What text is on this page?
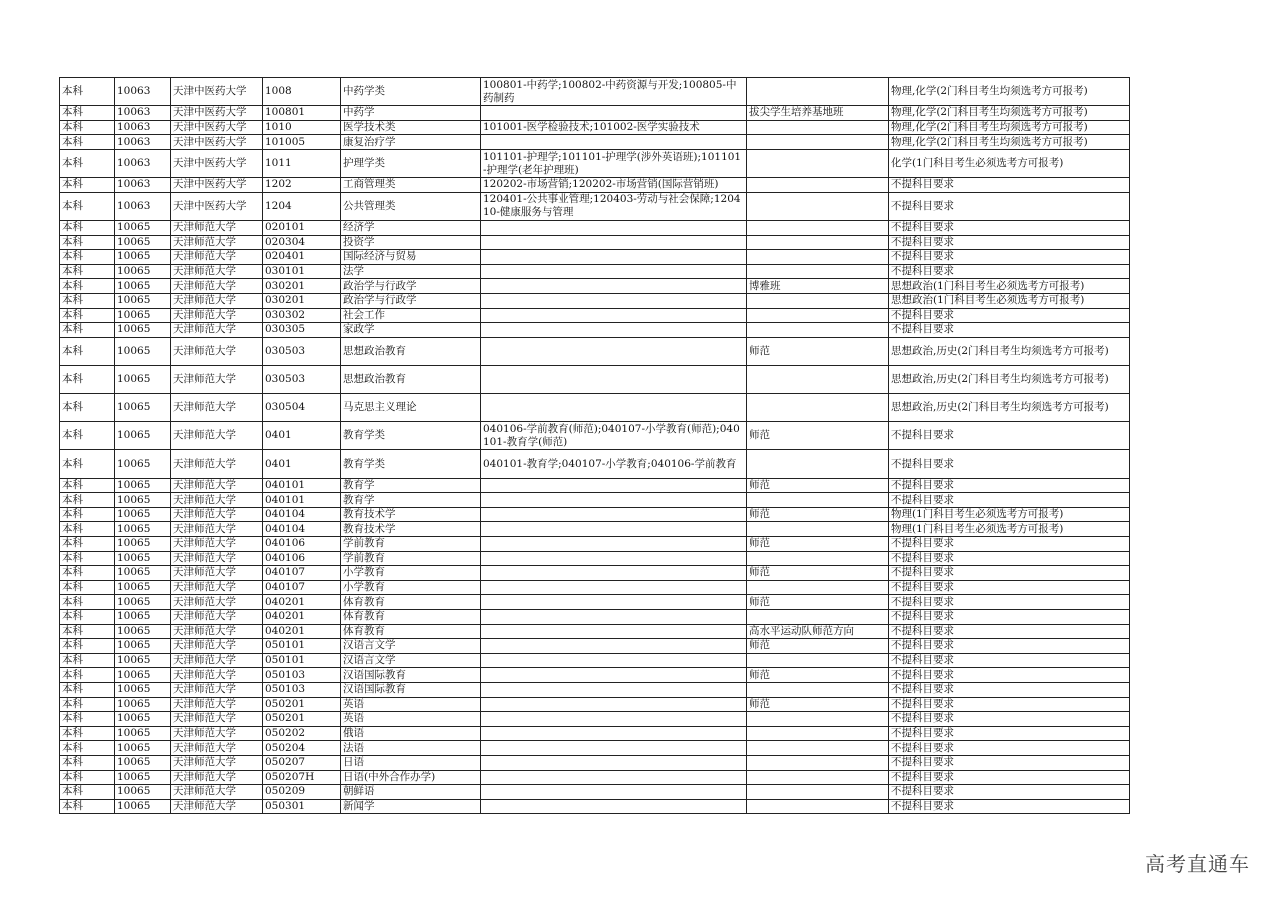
本科	10063	天津中医药大学	1008	中药学类	100801-中药学;100802-中药资源与开发;100805-中药制药		物理,化学(2门科目考生均须选考方可报考)
本科	10063	天津中医药大学	100801	中药学		拔尖学生培养基地班	物理,化学(2门科目考生均须选考方可报考)
本科	10063	天津中医药大学	1010	医学技术类	101001-医学检验技术;101002-医学实验技术		物理,化学(2门科目考生均须选考方可报考)
本科	10063	天津中医药大学	101005	康复治疗学			物理,化学(2门科目考生均须选考方可报考)
本科	10063	天津中医药大学	1011	护理学类	101101-护理学;101101-护理学(涉外英语班);101101-护理学(老年护理班)		化学(1门科目考生必须选考方可报考)
本科	10063	天津中医药大学	1202	工商管理类	120202-市场营销;120202-市场营销(国际营销班)		不提科目要求
本科	10063	天津中医药大学	1204	公共管理类	120401-公共事业管理;120403-劳动与社会保障;120410-健康服务与管理		不提科目要求
本科	10065	天津师范大学	020101	经济学			不提科目要求
本科	10065	天津师范大学	020304	投资学			不提科目要求
本科	10065	天津师范大学	020401	国际经济与贸易			不提科目要求
本科	10065	天津师范大学	030101	法学			不提科目要求
本科	10065	天津师范大学	030201	政治学与行政学		博雅班	思想政治(1门科目考生必须选考方可报考)
本科	10065	天津师范大学	030201	政治学与行政学			思想政治(1门科目考生必须选考方可报考)
本科	10065	天津师范大学	030302	社会工作			不提科目要求
本科	10065	天津师范大学	030305	家政学			不提科目要求
本科	10065	天津师范大学	030503	思想政治教育		师范	思想政治,历史(2门科目考生均须选考方可报考)
本科	10065	天津师范大学	030503	思想政治教育			思想政治,历史(2门科目考生均须选考方可报考)
本科	10065	天津师范大学	030504	马克思主义理论			思想政治,历史(2门科目考生均须选考方可报考)
本科	10065	天津师范大学	0401	教育学类	040106-学前教育(师范);040107-小学教育(师范);040101-教育学(师范)	师范	不提科目要求
本科	10065	天津师范大学	0401	教育学类	040101-教育学;040107-小学教育;040106-学前教育		不提科目要求
本科	10065	天津师范大学	040101	教育学		师范	不提科目要求
本科	10065	天津师范大学	040101	教育学			不提科目要求
本科	10065	天津师范大学	040104	教育技术学		师范	物理(1门科目考生必须选考方可报考)
本科	10065	天津师范大学	040104	教育技术学			物理(1门科目考生必须选考方可报考)
本科	10065	天津师范大学	040106	学前教育		师范	不提科目要求
本科	10065	天津师范大学	040106	学前教育			不提科目要求
本科	10065	天津师范大学	040107	小学教育		师范	不提科目要求
本科	10065	天津师范大学	040107	小学教育			不提科目要求
本科	10065	天津师范大学	040201	体育教育		师范	不提科目要求
本科	10065	天津师范大学	040201	体育教育			不提科目要求
本科	10065	天津师范大学	040201	体育教育		高水平运动队师范方向	不提科目要求
本科	10065	天津师范大学	050101	汉语言文学		师范	不提科目要求
本科	10065	天津师范大学	050101	汉语言文学			不提科目要求
本科	10065	天津师范大学	050103	汉语国际教育		师范	不提科目要求
本科	10065	天津师范大学	050103	汉语国际教育			不提科目要求
本科	10065	天津师范大学	050201	英语		师范	不提科目要求
本科	10065	天津师范大学	050201	英语			不提科目要求
本科	10065	天津师范大学	050202	俄语			不提科目要求
本科	10065	天津师范大学	050204	法语			不提科目要求
本科	10065	天津师范大学	050207	日语			不提科目要求
本科	10065	天津师范大学	050207H	日语(中外合作办学)			不提科目要求
本科	10065	天津师范大学	050209	朝鲜语			不提科目要求
本科	10065	天津师范大学	050301	新闻学			不提科目要求
高考直通车
